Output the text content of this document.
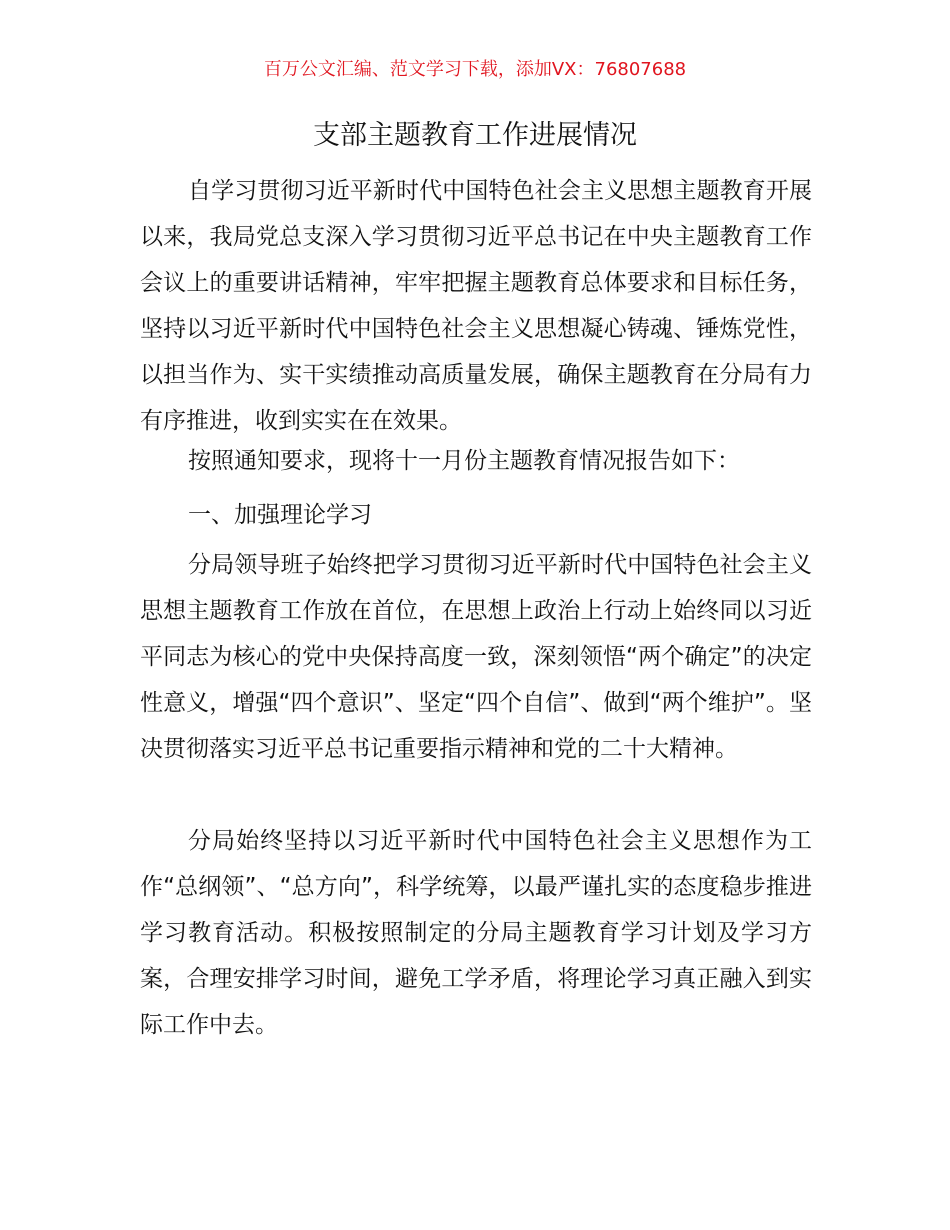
百万公文汇编、范文学习下载，添加VX：76807688
支部主题教育工作进展情况

自学习贯彻习近平新时代中国特色社会主义思想主题教育开展以来，我局党总支深入学习贯彻习近平总书记在中央主题教育工作会议上的重要讲话精神，牢牢把握主题教育总体要求和目标任务，坚持以习近平新时代中国特色社会主义思想凝心铸魂、锤炼党性，以担当作为、实干实绩推动高质量发展，确保主题教育在分局有力有序推进，收到实实在在效果。

按照通知要求，现将十一月份主题教育情况报告如下：

一、加强理论学习

分局领导班子始终把学习贯彻习近平新时代中国特色社会主义思想主题教育工作放在首位，在思想上政治上行动上始终同以习近平同志为核心的党中央保持高度一致，深刻领悟“两个确定”的决定性意义，增强“四个意识”、坚定“四个自信”、做到“两个维护”。坚决贯彻落实习近平总书记重要指示精神和党的二十大精神。

分局始终坚持以习近平新时代中国特色社会主义思想作为工作“总纲领”、“总方向”，科学统筹，以最严谨扎实的态度稳步推进学习教育活动。积极按照制定的分局主题教育学习计划及学习方案，合理安排学习时间，避免工学矛盾，将理论学习真正融入到实际工作中去。
